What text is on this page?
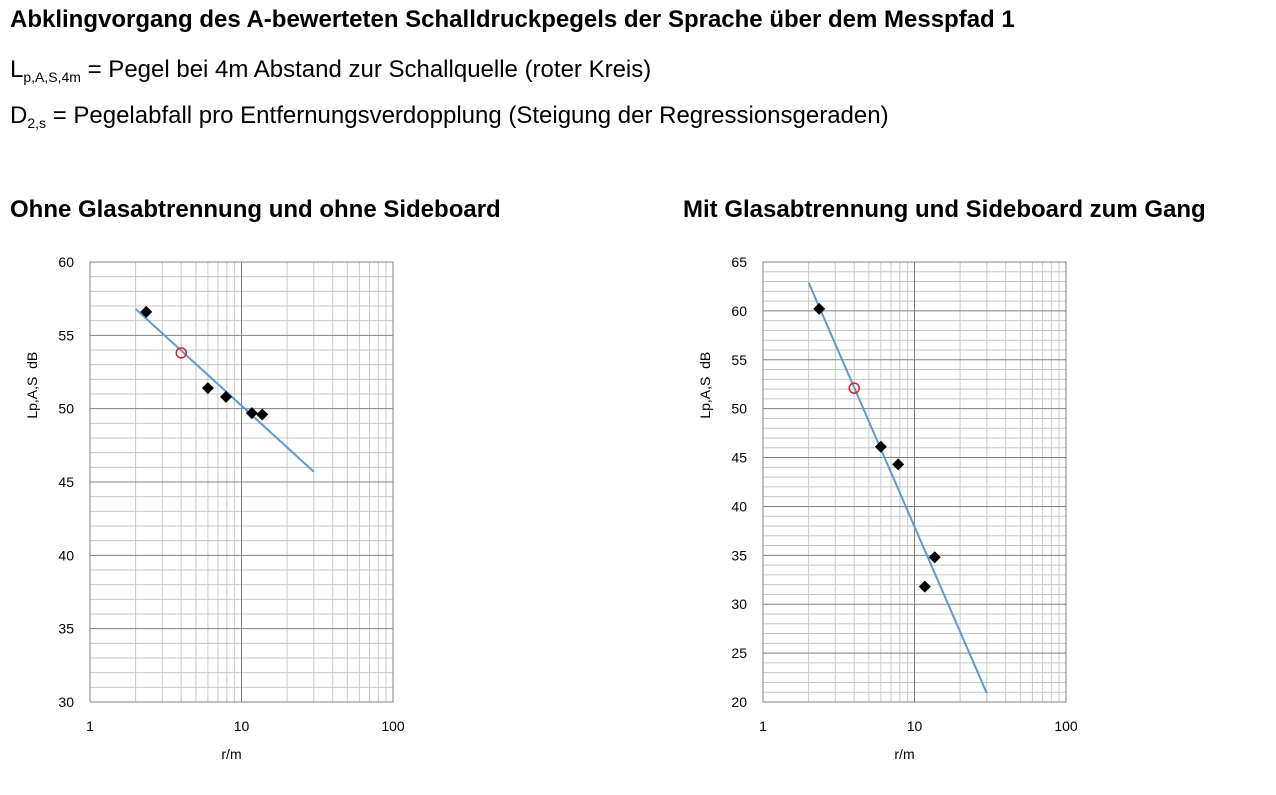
Abklingvorgang des A-bewerteten Schalldruckpegels der Sprache über dem Messpfad 1

$L_{p,A,S,4m}$ = Pegel bei 4m Abstand zur Schallquelle (roter Kreis)

$D_{2,s}$ = Pegelabfall pro Entfernungsverdopplung (Steigung der Regressionsgeraden)

Ohne Glasabtrennung und ohne Sideboard	Mit Glasabtrennung und Sideboard zum Gang
30
35
40
45
50
55
60
1	10	100
r/m
Lp,A,S  dB
20
25
30
35
40
45
50
55
60
65
1	10	100
r/m
Lp,A,S  dB
